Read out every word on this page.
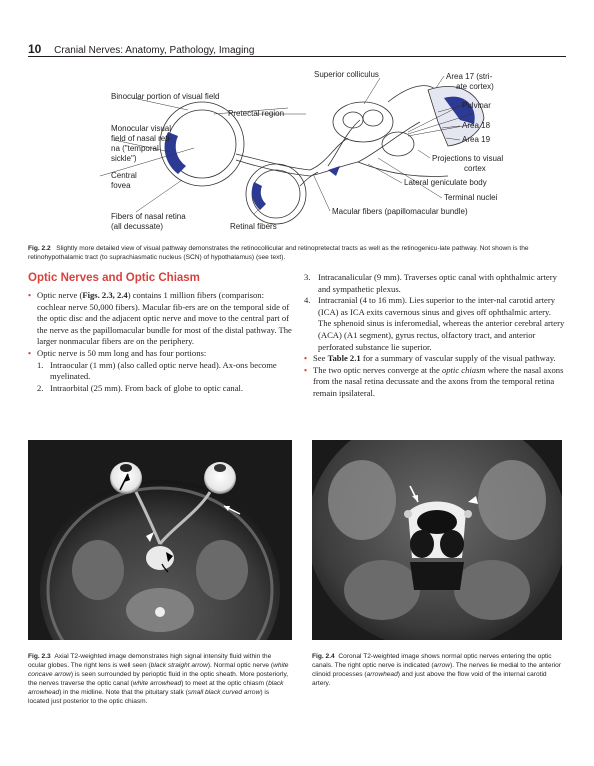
10 Cranial Nerves: Anatomy, Pathology, Imaging
Superior colliculus	Area 17 (stri-
ate cortex)
Binocular portion of visual field
Pretectal region
Pulvinar
Monocular visual
field of nasal reti-
na ("temporal
sickle")
Area 18
Area 19
Projections to visual
cortex
Central
fovea	Lateral geniculate body
Terminal nuclei
Fibers of nasal retina
(all decussate)	Retinal fibers
Macular fibers (papillomacular bundle)
Fig. 2.2 Slightly more detailed view of visual pathway demonstrates the retinocollicular and retinopretectal tracts as well as the retinogenicu-late pathway. Not shown is the retinohypothalamic tract (to suprachiasmatic nucleus (SCN) of hypothalamus) (see text).
Optic Nerves and Optic Chiasm
• Optic nerve (Figs. 2.3, 2.4) contains 1 million fibers (comparison: cochlear nerve 50,000 fibers). Macular fib-ers are on the temporal side of the optic disc and the adjacent optic nerve and move to the central part of the nerve as the papillomacular bundle for most of the distal pathway. The larger nonmacular fibers are on the periphery.
• Optic nerve is 50 mm long and has four portions:
1. Intraocular (1 mm) (also called optic nerve head). Ax-ons become myelinated.
2. Intraorbital (25 mm). From back of globe to optic canal.
3. Intracanalicular (9 mm). Traverses optic canal with ophthalmic artery and sympathetic plexus.
4. Intracranial (4 to 16 mm). Lies superior to the inter-nal carotid artery (ICA) as ICA exits cavernous sinus and gives off ophthalmic artery. The sphenoid sinus is inferomedial, whereas the anterior cerebral artery (ACA) (A1 segment), gyrus rectus, olfactory tract, and anterior perforated substance lie superior.
• See Table 2.1 for a summary of vascular supply of the visual pathway.
• The two optic nerves converge at the optic chiasm where the nasal axons from the nasal retina decussate and the axons from the temporal retina remain ipsilateral.
Fig. 2.3 Axial T2-weighted image demonstrates high signal intensity fluid within the ocular globes. The right lens is well seen (black straight arrow). Normal optic nerve (white concave arrow) is seen surrounded by perioptic fluid in the optic sheath. More posteriorly, the nerves traverse the optic canal (white arrowhead) to meet at the optic chiasm (black arrowhead) in the midline. Note that the pituitary stalk (small black curved arrow) is located just posterior to the optic chiasm.
Fig. 2.4 Coronal T2-weighted image shows normal optic nerves entering the optic canals. The right optic nerve is indicated (arrow). The nerves lie medial to the anterior clinoid processes (arrowhead) and just above the flow void of the internal carotid artery.
